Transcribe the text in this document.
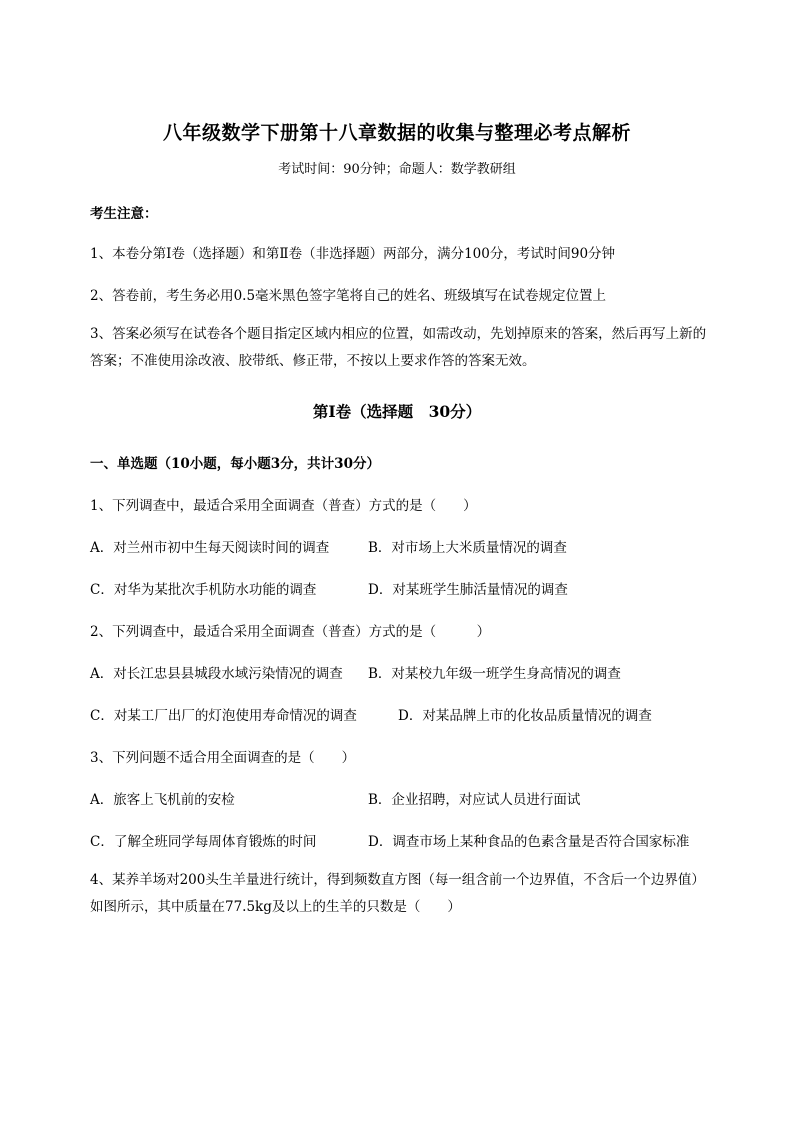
八年级数学下册第十八章数据的收集与整理必考点解析
考试时间：90分钟；命题人：数学教研组
考生注意：
1、本卷分第I卷（选择题）和第Ⅱ卷（非选择题）两部分，满分100分，考试时间90分钟
2、答卷前，考生务必用0.5毫米黑色签字笔将自己的姓名、班级填写在试卷规定位置上
3、答案必须写在试卷各个题目指定区域内相应的位置，如需改动，先划掉原来的答案，然后再写上新的答案；不准使用涂改液、胶带纸、修正带，不按以上要求作答的答案无效。
第I卷（选择题　30分）
一、单选题（10小题，每小题3分，共计30分）
1、下列调查中，最适合采用全面调查（普查）方式的是（　　）
A．对兰州市初中生每天阅读时间的调查	B．对市场上大米质量情况的调查
C．对华为某批次手机防水功能的调查	D．对某班学生肺活量情况的调查
2、下列调查中，最适合采用全面调查（普查）方式的是（　　　）
A．对长江忠县县城段水域污染情况的调查 B．对某校九年级一班学生身高情况的调查
C．对某工厂出厂的灯泡使用寿命情况的调查	D．对某品牌上市的化妆品质量情况的调查
3、下列问题不适合用全面调查的是（　　）
A．旅客上飞机前的安检	B．企业招聘，对应试人员进行面试
C．了解全班同学每周体育锻炼的时间	D．调查市场上某种食品的色素含量是否符合国家标准
4、某养羊场对200头生羊量进行统计，得到频数直方图（每一组含前一个边界值，不含后一个边界值）如图所示，其中质量在77.5kg及以上的生羊的只数是（　　）
